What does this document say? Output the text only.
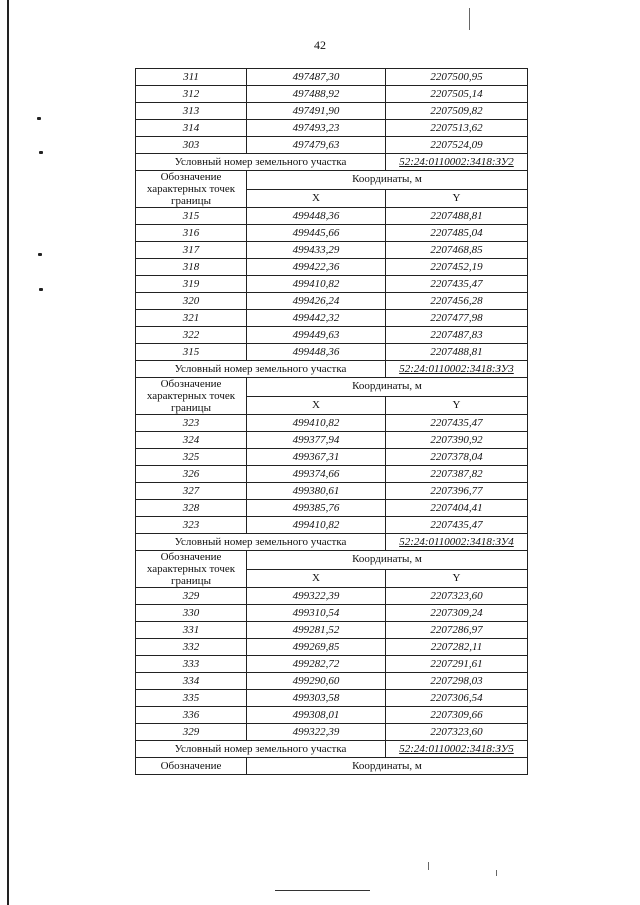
42
311	497487,30	2207500,95
312	497488,92	2207505,14
313	497491,90	2207509,82
314	497493,23	2207513,62
303	497479,63	2207524,09
Условный номер земельного участка		52:24:0110002:3418:ЗУ2
Обозначение характерных точек границы	Координаты, м	
	X	Y
315	499448,36	2207488,81
316	499445,66	2207485,04
317	499433,29	2207468,85
318	499422,36	2207452,19
319	499410,82	2207435,47
320	499426,24	2207456,28
321	499442,32	2207477,98
322	499449,63	2207487,83
315	499448,36	2207488,81
Условный номер земельного участка		52:24:0110002:3418:ЗУ3
Обозначение характерных точек границы	Координаты, м	
	X	Y
323	499410,82	2207435,47
324	499377,94	2207390,92
325	499367,31	2207378,04
326	499374,66	2207387,82
327	499380,61	2207396,77
328	499385,76	2207404,41
323	499410,82	2207435,47
Условный номер земельного участка		52:24:0110002:3418:ЗУ4
Обозначение характерных точек границы	Координаты, м	
	X	Y
329	499322,39	2207323,60
330	499310,54	2207309,24
331	499281,52	2207286,97
332	499269,85	2207282,11
333	499282,72	2207291,61
334	499290,60	2207298,03
335	499303,58	2207306,54
336	499308,01	2207309,66
329	499322,39	2207323,60
Условный номер земельного участка		52:24:0110002:3418:ЗУ5
Обозначение	Координаты, м	
